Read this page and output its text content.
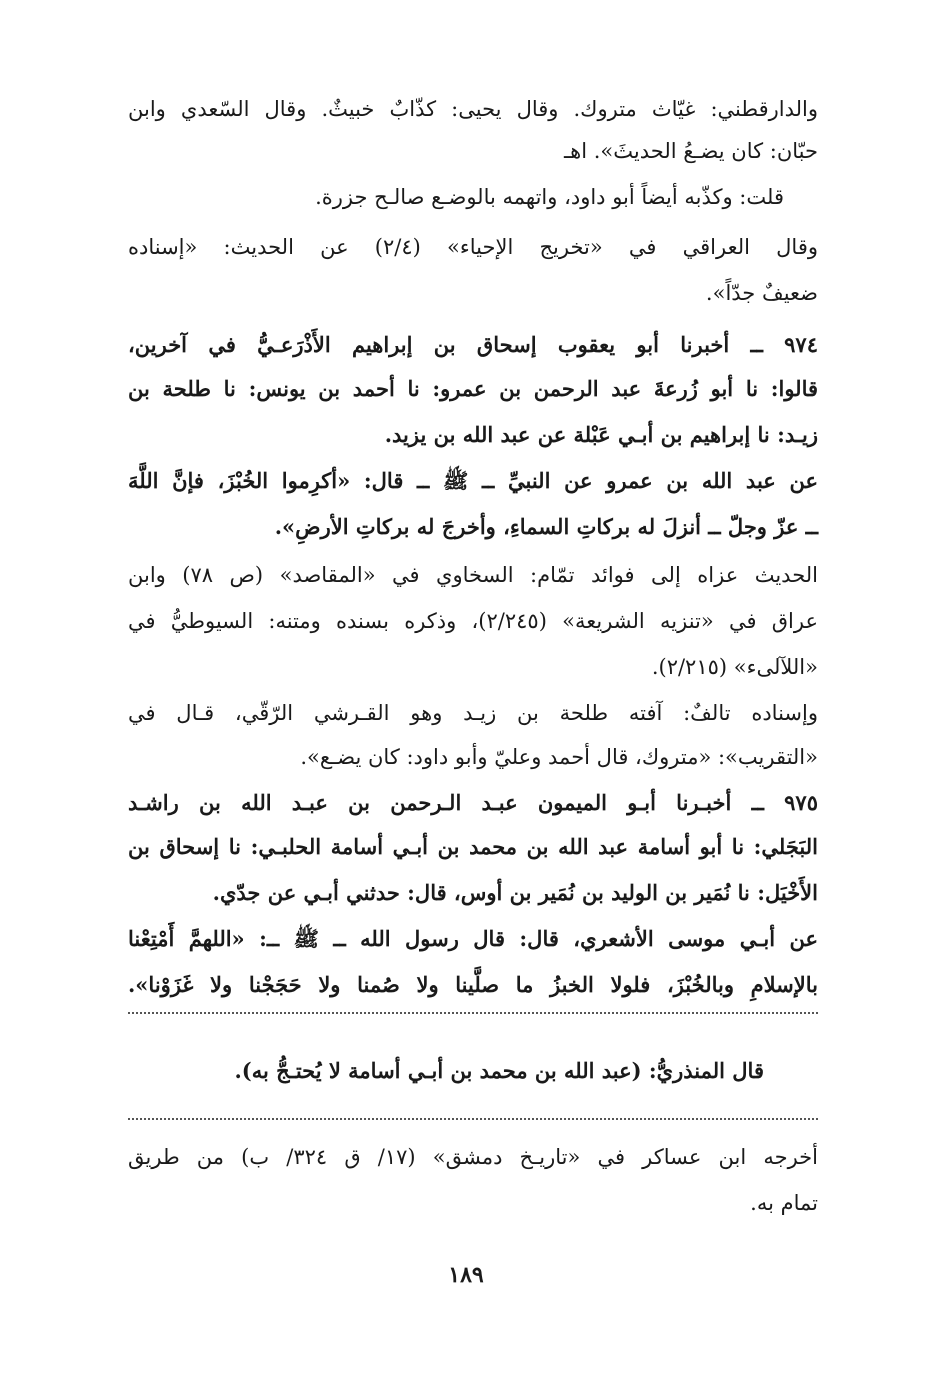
والدارقطني: غيّاث متروك. وقال يحيى: كذّابٌ خبيثٌ. وقال السّعدي وابن
حبّان: كان يضـعُ الحديثَ». اهـ
قلت: وكذّبه أيضاً أبو داود، واتهمه بالوضـع صالـح جزرة.
وقال العراقي في «تخريج الإحياء» (٢/٤) عن الحديث: «إسناده
ضعيفٌ جدّاً».
٩٧٤ ــ أخبرنا أبو يعقوب إسحاق بن إبراهيم الأَذْرَعـيُّ في آخرين،
قالوا: نا أبو زُرعةَ عبد الرحمن بن عمرو: نا أحمد بن يونس: نا طلحة بن
زيـد: نا إبراهيم بن أبـي عَبْلة عن عبد الله بن يزيد.
عن عبد الله بن عمرو عن النبيِّ ــ ﷺ ــ قال: «أكرِموا الخُبْزَ، فإنَّ اللَّهَ
ــ عزّ وجلّ ــ أنزلَ له بركاتِ السماءِ، وأخرجَ له بركاتِ الأرضِ».
الحديث عزاه إلى فوائد تمّام: السخاوي في «المقاصد» (ص ٧٨) وابن
عراق في «تنزيه الشريعة» (٢/٢٤٥)، وذكره بسنده ومتنه: السيوطيُّ في
«اللآلىء» (٢/٢١٥).
وإسناده تالفٌ: آفته طلحة بن زيـد وهو القـرشي الرّقّي، قـال في
«التقريب»: «متروك، قال أحمد وعليّ وأبو داود: كان يضـع».
٩٧٥ ــ أخبـرنا أبـو الميمون عبـد الـرحمن بن عبـد الله بن راشـد
البَجَلي: نا أبو أسامة عبد الله بن محمد بن أبـي أسامة الحلبـي: نا إسحاق بن
الأَخْيَل: نا نُمَير بن الوليد بن نُمَير بن أوس، قال: حدثني أبـي عن جدّي.
عن أبـي موسى الأشعري، قال: قال رسول الله ــ ﷺ ــ: «اللهمَّ أَمْتِعْنا
بالإسلامِ وبالخُبْزَ، فلولا الخبزُ ما صلَّينا ولا صُمنا ولا حَجَجْنا ولا غَزَوْنا».
قال المنذريُّ: (عبد الله بن محمد بن أبـي أسامة لا يُحتـجُّ به).
أخرجه ابن عساكر في «تاريـخ دمشق» (١٧/ ق ٣٢٤/ ب) من طريق
تمام به.
١٨٩
